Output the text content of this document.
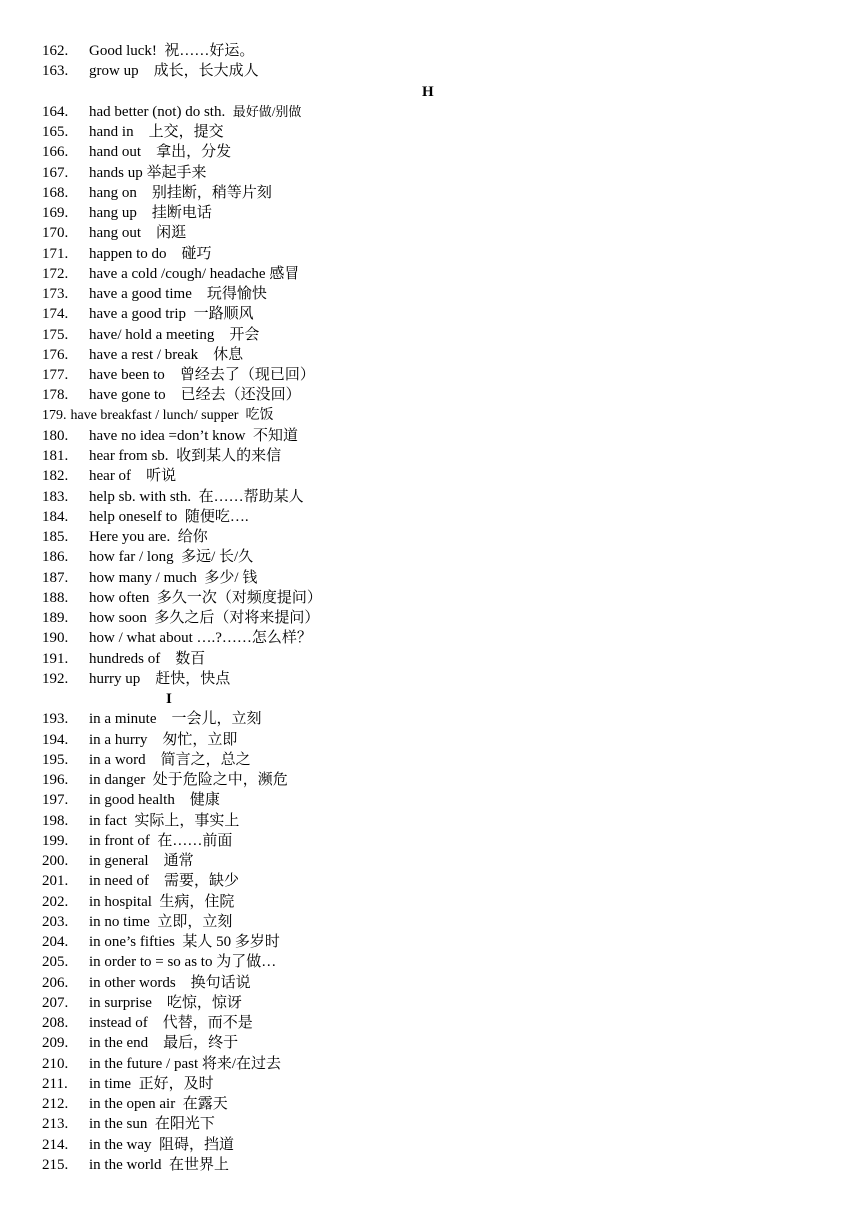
162. Good luck! 祝……好运。
163. grow up 成长，长大成人
H
164. had better (not) do sth. 最好做/别做
165. hand in 上交，提交
166. hand out 拿出，分发
167. hands up 举起手来
168. hang on 别挂断，稍等片刻
169. hang up 挂断电话
170. hang out 闲逛
171. happen to do 碰巧
172. have a cold /cough/ headache 感冒
173. have a good time 玩得愉快
174. have a good trip 一路顺风
175. have/ hold a meeting 开会
176. have a rest / break 休息
177. have been to 曾经去了（现已回）
178. have gone to 已经去（还没回）
179. have breakfast / lunch/ supper 吃饭
180. have no idea =don’t know 不知道
181. hear from sb. 收到某人的来信
182. hear of 听说
183. help sb. with sth. 在……帮助某人
184. help oneself to 随便吃….
185. Here you are. 给你
186. how far / long 多远/ 长/久
187. how many / much 多少/ 钱
188. how often 多久一次（对频度提问）
189. how soon 多久之后（对将来提问）
190. how / what about ….?……怎么样？
191. hundreds of 数百
192. hurry up 赶快，快点
I
193. in a minute 一会儿，立刻
194. in a hurry 匆忙，立即
195. in a word 简言之，总之
196. in danger 处于危险之中，濒危
197. in good health 健康
198. in fact 实际上，事实上
199. in front of 在……前面
200. in general 通常
201. in need of 需要，缺少
202. in hospital 生病，住院
203. in no time 立即，立刻
204. in one’s fifties 某人 50 多岁时
205. in order to = so as to 为了做…
206. in other words 换句话说
207. in surprise 吃惊，惊讶
208. instead of 代替，而不是
209. in the end 最后，终于
210. in the future / past 将来/在过去
211. in time 正好，及时
212. in the open air 在露天
213. in the sun 在阳光下
214. in the way 阻碍，挡道
215. in the world 在世界上
